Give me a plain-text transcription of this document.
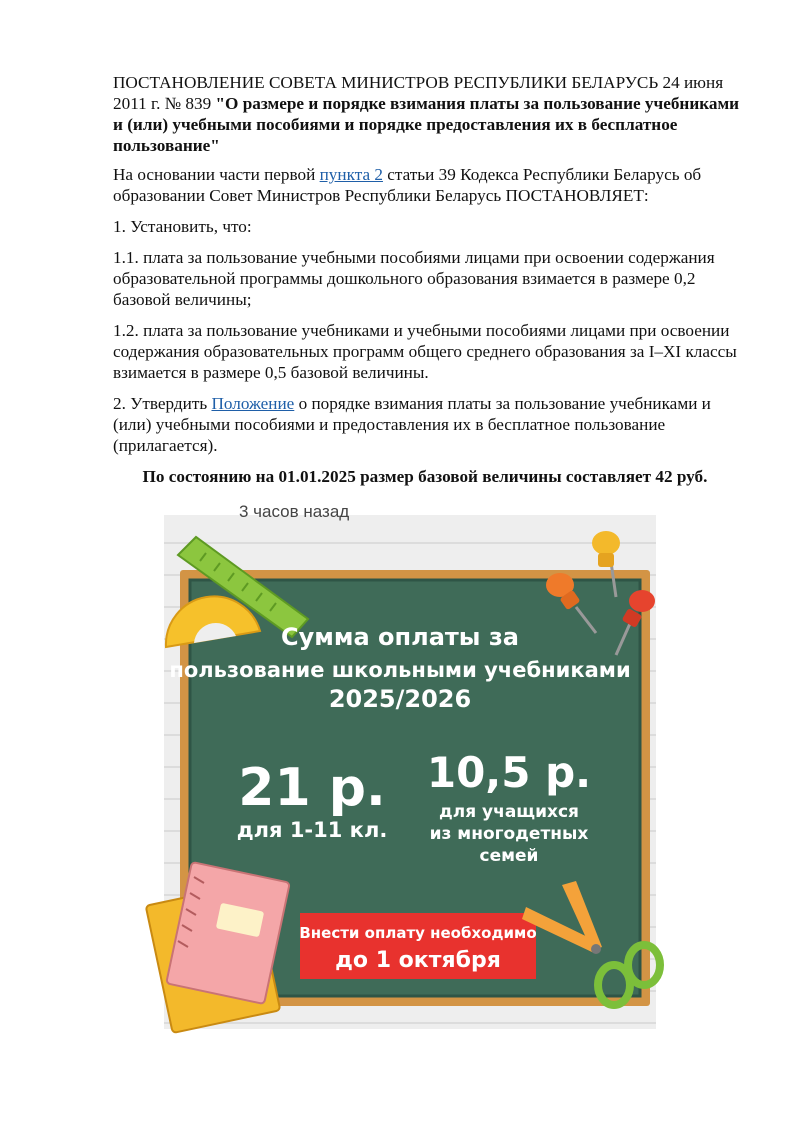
ПОСТАНОВЛЕНИЕ СОВЕТА МИНИСТРОВ РЕСПУБЛИКИ БЕЛАРУСЬ 24 июня 2011 г. № 839 "О размере и порядке взимания платы за пользование учебниками и (или) учебными пособиями и порядке предоставления их в бесплатное пользование"

На основании части первой пункта 2 статьи 39 Кодекса Республики Беларусь об образовании Совет Министров Республики Беларусь ПОСТАНОВЛЯЕТ:

1. Установить, что:

1.1. плата за пользование учебными пособиями лицами при освоении содержания образовательной программы дошкольного образования взимается в размере 0,2 базовой величины;

1.2. плата за пользование учебниками и учебными пособиями лицами при освоении содержания образовательных программ общего среднего образования за I–XI классы взимается в размере 0,5 базовой величины.

2. Утвердить Положение о порядке взимания платы за пользование учебниками и (или) учебными пособиями и предоставления их в бесплатное пользование (прилагается).

По состоянию на 01.01.2025 размер базовой величины составляет 42 руб.

3 часов назад
Сумма оплаты за
пользование школьными учебниками
2025/2026
21 р.
для 1-11 кл.
10,5 р.
для учащихся
из многодетных
семей
Внести оплату необходимо
до 1 октября
